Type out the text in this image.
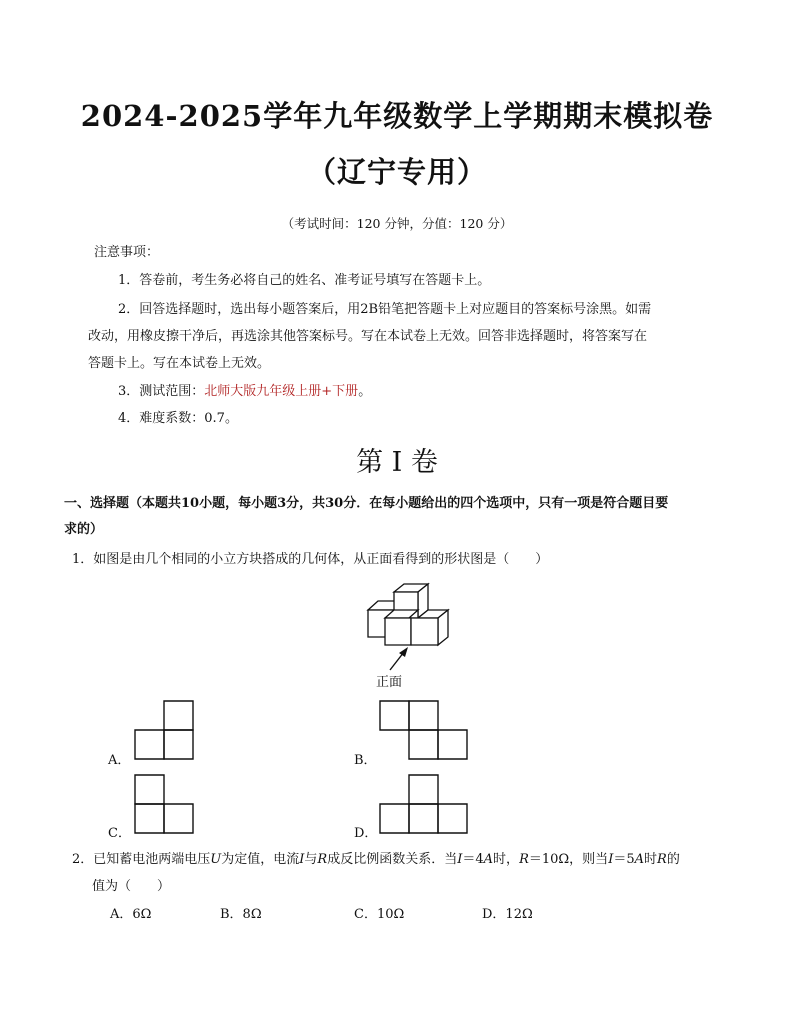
2024-2025学年九年级数学上学期期末模拟卷
（辽宁专用）
（考试时间：120 分钟，分值：120 分）
注意事项：
1．答卷前，考生务必将自己的姓名、准考证号填写在答题卡上。
2．回答选择题时，选出每小题答案后，用2B铅笔把答题卡上对应题目的答案标号涂黑。如需
改动，用橡皮擦干净后，再选涂其他答案标号。写在本试卷上无效。回答非选择题时，将答案写在
答题卡上。写在本试卷上无效。
3．测试范围：北师大版九年级上册+下册。
4．难度系数：0.7。
第 I 卷
一、选择题（本题共10小题，每小题3分，共30分．在每小题给出的四个选项中，只有一项是符合题目要
求的）
1．如图是由几个相同的小立方块搭成的几何体，从正面看得到的形状图是（　　）
正面
A．	B．
C．	D．
2．已知蓄电池两端电压U为定值，电流I与R成反比例函数关系．当I＝4A时，R＝10Ω，则当I＝5A时R的
值为（　　）
A．6Ω	B．8Ω	C．10Ω	D．12Ω
